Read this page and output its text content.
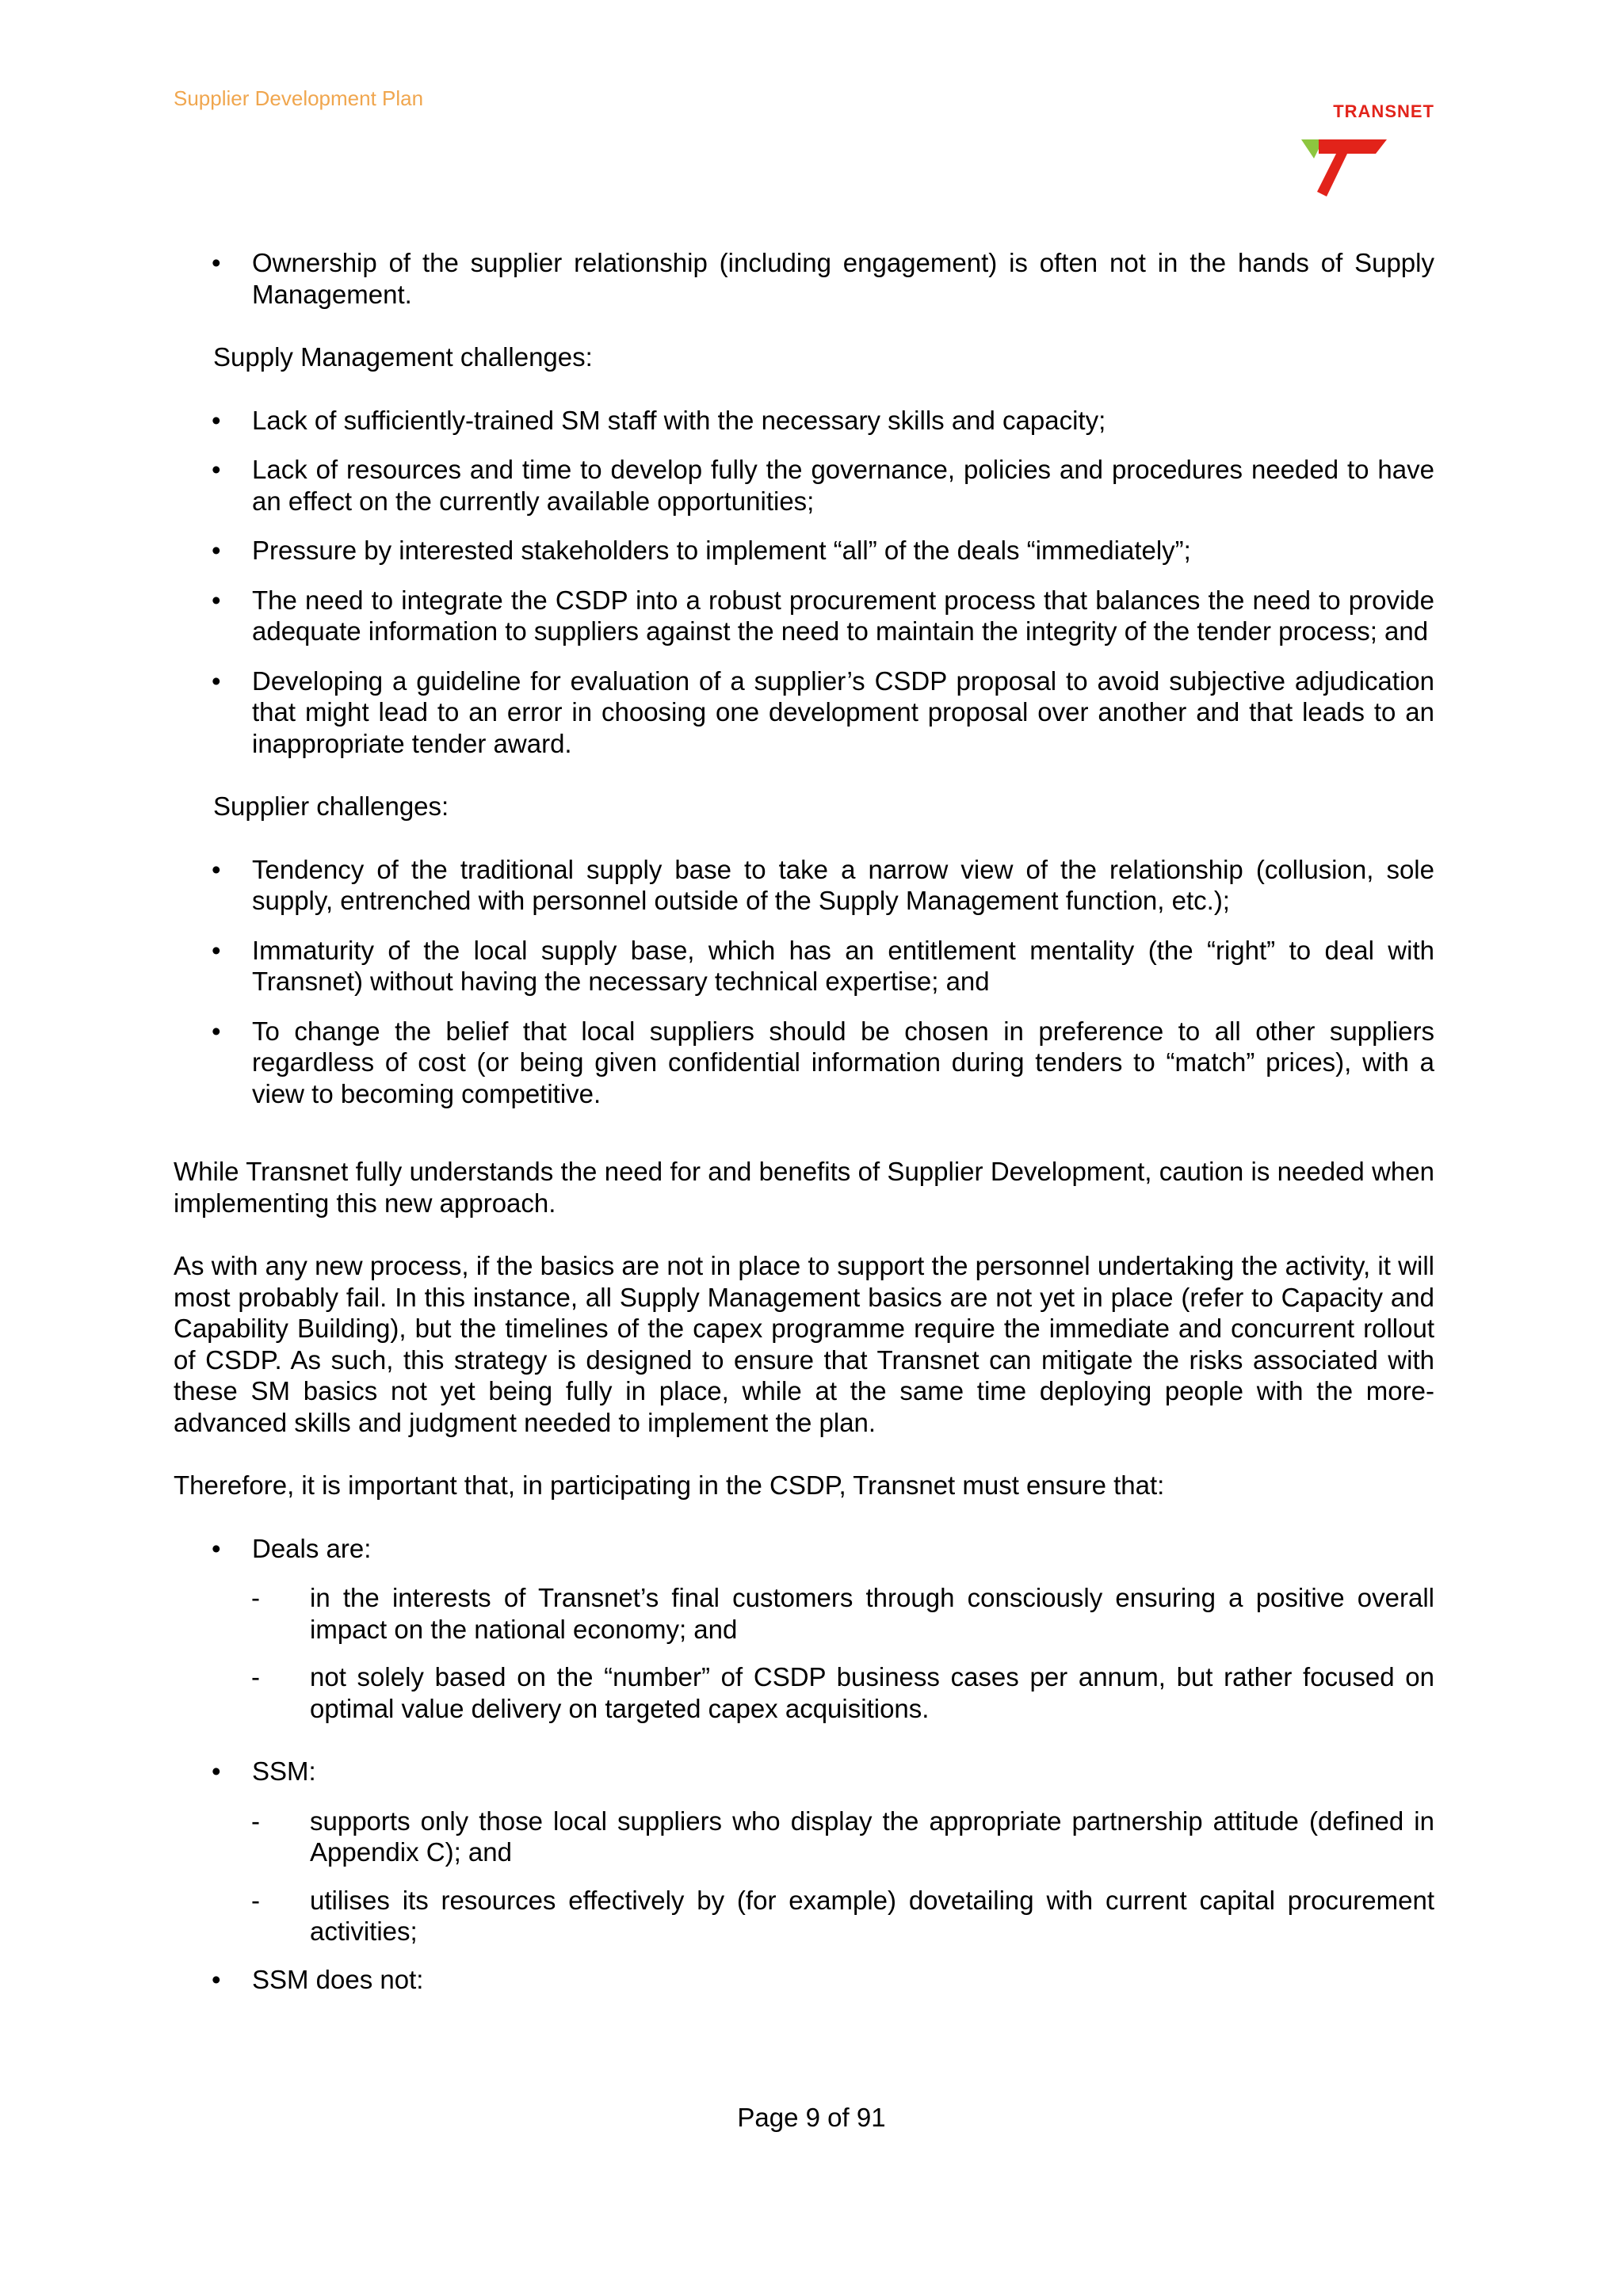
Supplier Development Plan
TRANSNET
• Ownership of the supplier relationship (including engagement) is often not in the hands of Supply Management.

Supply Management challenges:

• Lack of sufficiently-trained SM staff with the necessary skills and capacity;
• Lack of resources and time to develop fully the governance, policies and procedures needed to have an effect on the currently available opportunities;
• Pressure by interested stakeholders to implement “all” of the deals “immediately”;
• The need to integrate the CSDP into a robust procurement process that balances the need to provide adequate information to suppliers against the need to maintain the integrity of the tender process; and
• Developing a guideline for evaluation of a supplier’s CSDP proposal to avoid subjective adjudication that might lead to an error in choosing one development proposal over another and that leads to an inappropriate tender award.

Supplier challenges:

• Tendency of the traditional supply base to take a narrow view of the relationship (collusion, sole supply, entrenched with personnel outside of the Supply Management function, etc.);
• Immaturity of the local supply base, which has an entitlement mentality (the “right” to deal with Transnet) without having the necessary technical expertise; and
• To change the belief that local suppliers should be chosen in preference to all other suppliers regardless of cost (or being given confidential information during tenders to “match” prices), with a view to becoming competitive.

While Transnet fully understands the need for and benefits of Supplier Development, caution is needed when implementing this new approach.

As with any new process, if the basics are not in place to support the personnel undertaking the activity, it will most probably fail. In this instance, all Supply Management basics are not yet in place (refer to Capacity and Capability Building), but the timelines of the capex programme require the immediate and concurrent rollout of CSDP. As such, this strategy is designed to ensure that Transnet can mitigate the risks associated with these SM basics not yet being fully in place, while at the same time deploying people with the more-advanced skills and judgment needed to implement the plan.

Therefore, it is important that, in participating in the CSDP, Transnet must ensure that:

• Deals are:
- in the interests of Transnet’s final customers through consciously ensuring a positive overall impact on the national economy; and
- not solely based on the “number” of CSDP business cases per annum, but rather focused on optimal value delivery on targeted capex acquisitions.
• SSM:
- supports only those local suppliers who display the appropriate partnership attitude (defined in Appendix C); and
- utilises its resources effectively by (for example) dovetailing with current capital procurement activities;
• SSM does not:
Page 9 of 91
